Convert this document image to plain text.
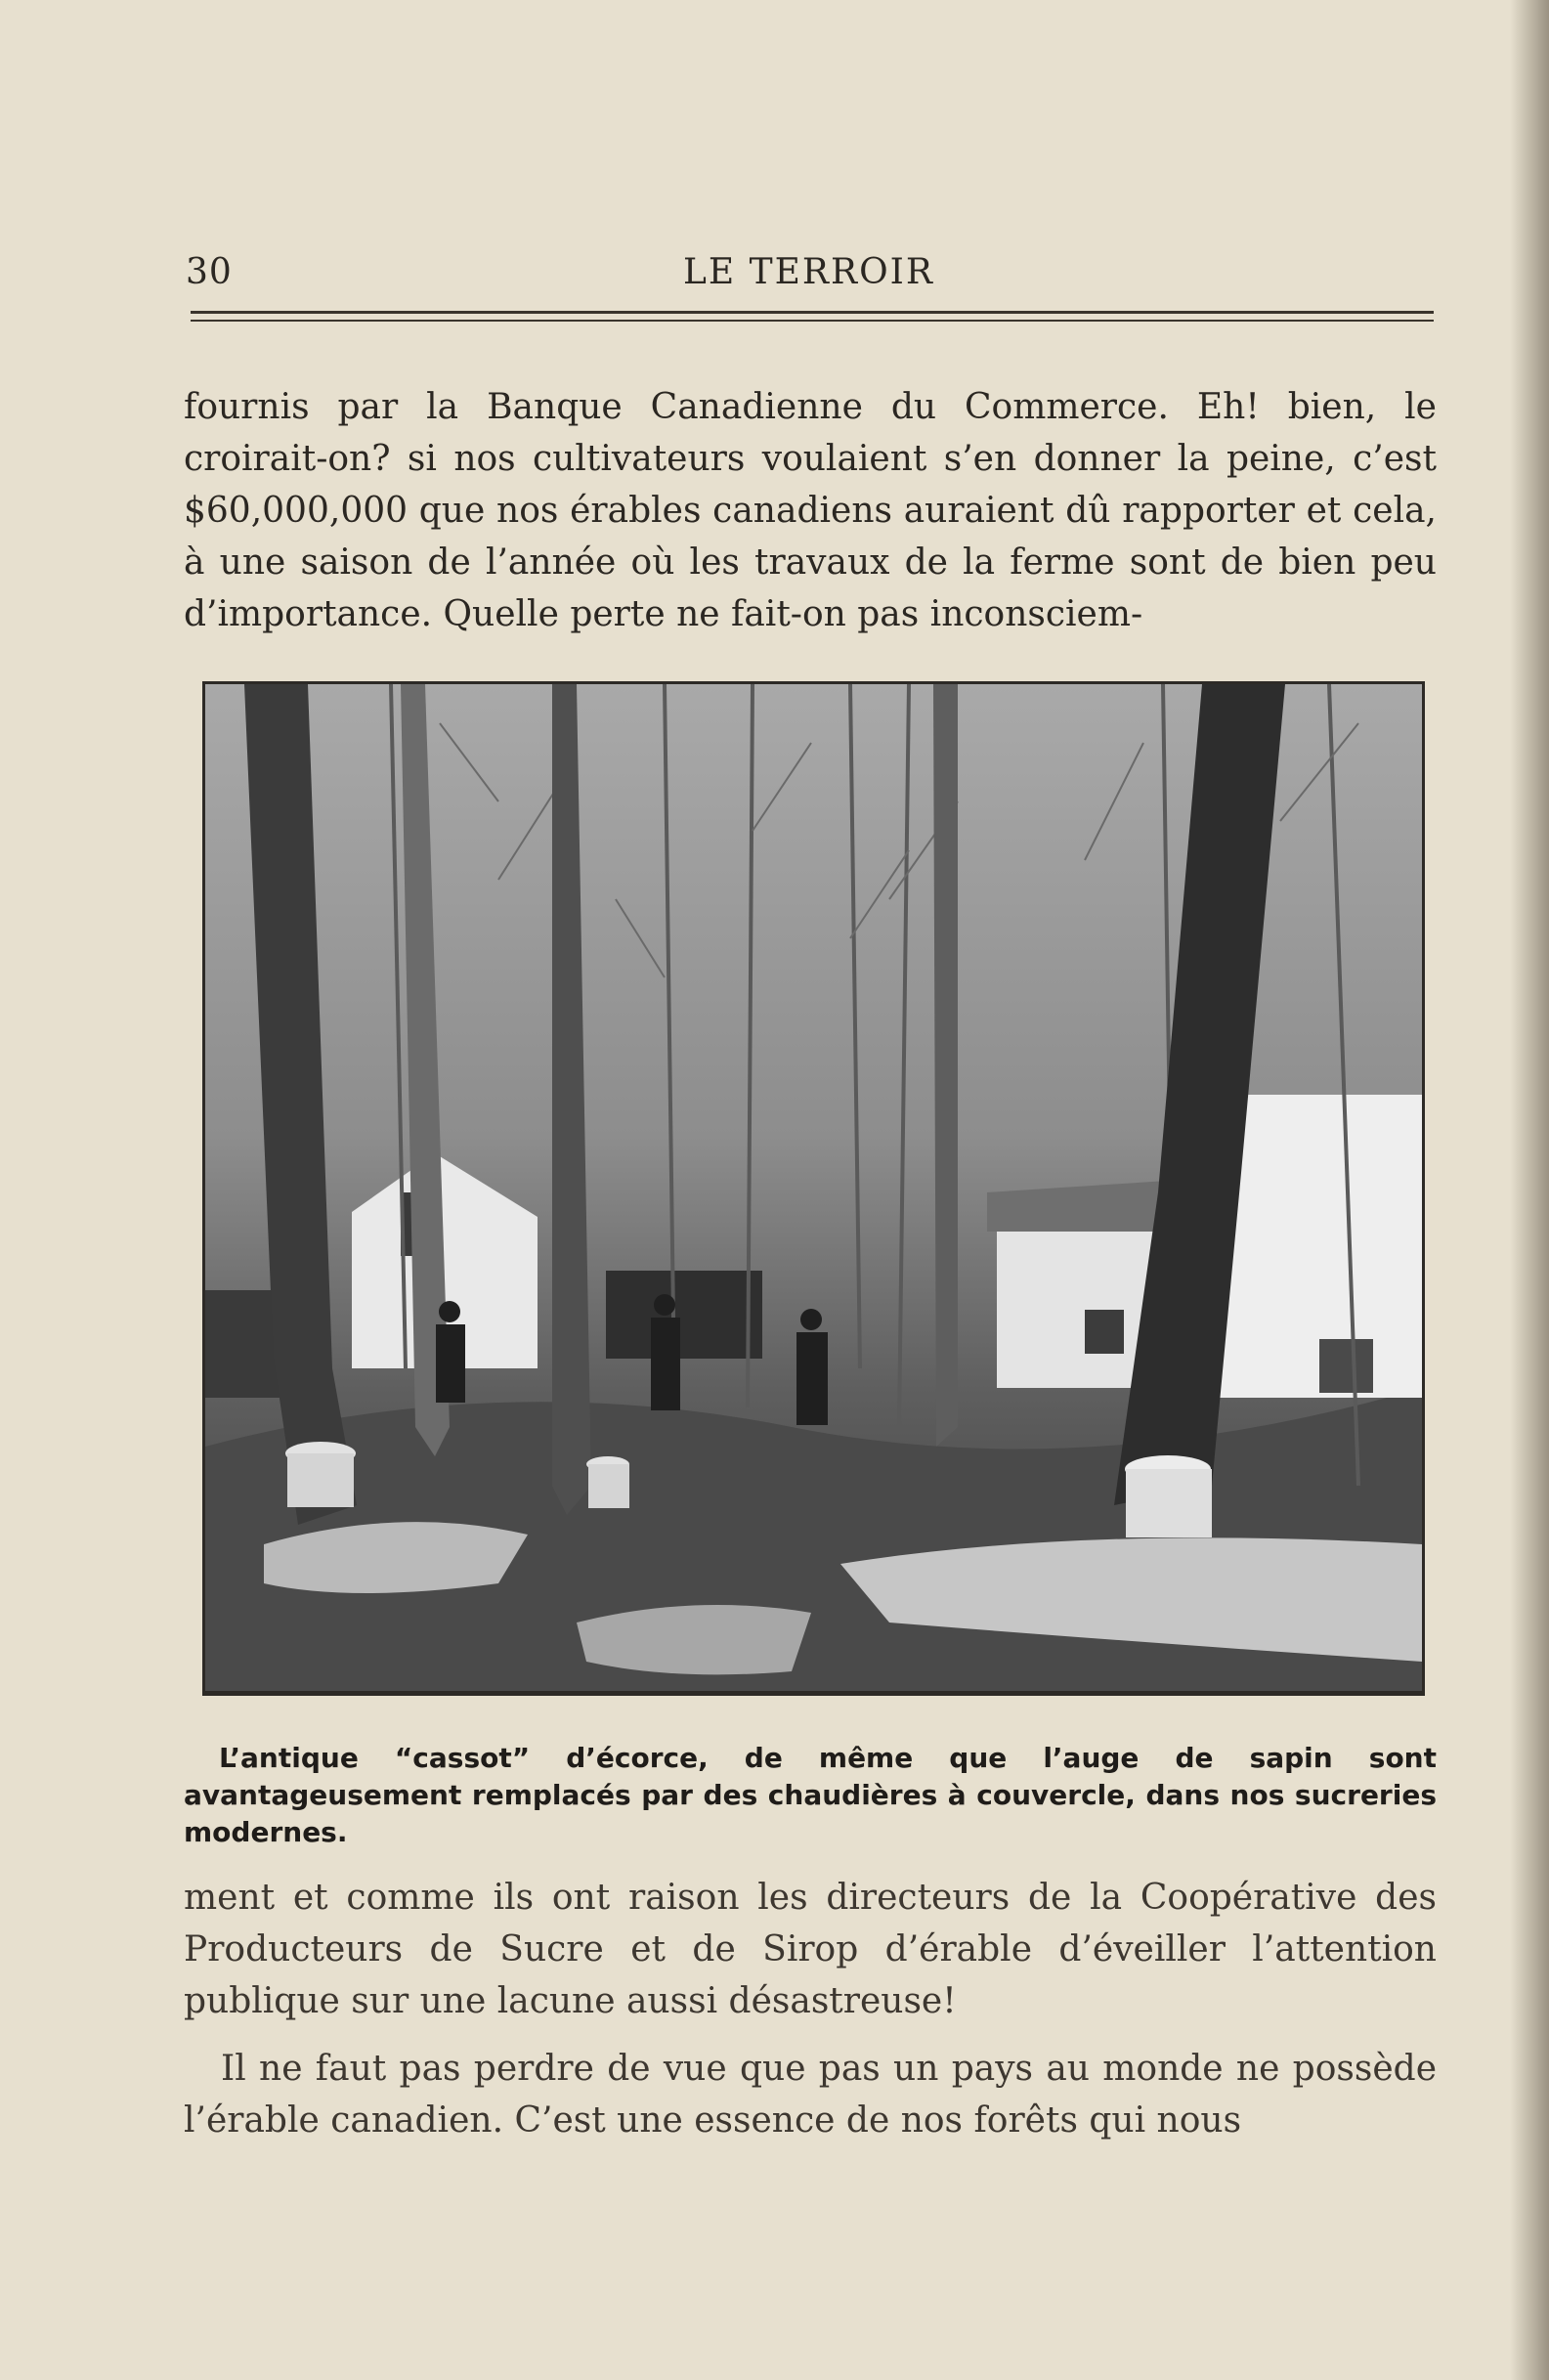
30	LE TERROIR

fournis par la Banque Canadienne du Commerce. Eh! bien, le croirait-on? si nos cultivateurs voulaient s’en donner la peine, c’est $60,000,000 que nos érables canadiens auraient dû rapporter et cela, à une saison de l’année où les travaux de la ferme sont de bien peu d’importance. Quelle perte ne fait-on pas inconsciem-

L’antique “cassot” d’écorce, de même que l’auge de sapin sont avantageusement remplacés par des chaudières à couvercle, dans nos sucreries modernes.

ment et comme ils ont raison les directeurs de la Coopérative des Producteurs de Sucre et de Sirop d’érable d’éveiller l’attention publique sur une lacune aussi désastreuse!

Il ne faut pas perdre de vue que pas un pays au monde ne possède l’érable canadien. C’est une essence de nos forêts qui nous
